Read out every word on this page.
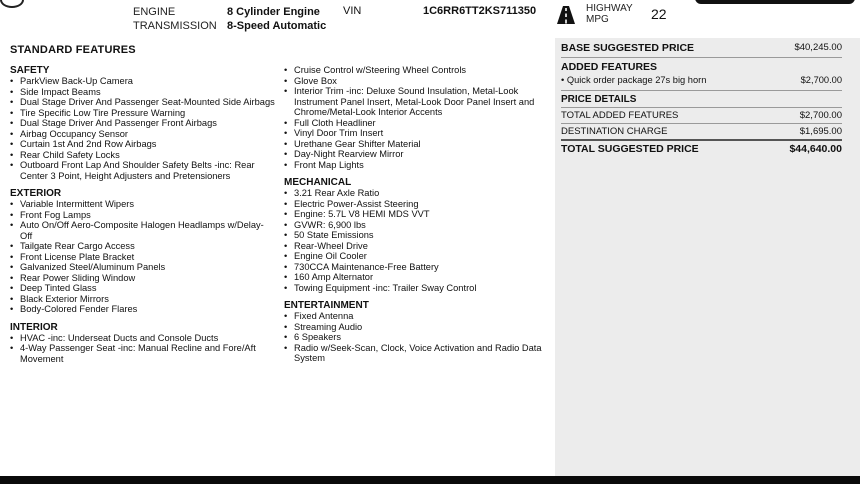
ENGINE	8 Cylinder Engine
TRANSMISSION 8-Speed Automatic
VIN	1C6RR6TT2KS711350	HIGHWAY MPG	22
STANDARD FEATURES
SAFETY
• ParkView Back-Up Camera
• Side Impact Beams
• Dual Stage Driver And Passenger Seat-Mounted Side Airbags
• Tire Specific Low Tire Pressure Warning
• Dual Stage Driver And Passenger Front Airbags
• Airbag Occupancy Sensor
• Curtain 1st And 2nd Row Airbags
• Rear Child Safety Locks
• Outboard Front Lap And Shoulder Safety Belts -inc: Rear Center 3 Point, Height Adjusters and Pretensioners
EXTERIOR
• Variable Intermittent Wipers
• Front Fog Lamps
• Auto On/Off Aero-Composite Halogen Headlamps w/Delay-Off
• Tailgate Rear Cargo Access
• Front License Plate Bracket
• Galvanized Steel/Aluminum Panels
• Rear Power Sliding Window
• Deep Tinted Glass
• Black Exterior Mirrors
• Body-Colored Fender Flares
INTERIOR
• HVAC -inc: Underseat Ducts and Console Ducts
• 4-Way Passenger Seat -inc: Manual Recline and Fore/Aft Movement
• Cruise Control w/Steering Wheel Controls
• Glove Box
• Interior Trim -inc: Deluxe Sound Insulation, Metal-Look Instrument Panel Insert, Metal-Look Door Panel Insert and Chrome/Metal-Look Interior Accents
• Full Cloth Headliner
• Vinyl Door Trim Insert
• Urethane Gear Shifter Material
• Day-Night Rearview Mirror
• Front Map Lights
MECHANICAL
• 3.21 Rear Axle Ratio
• Electric Power-Assist Steering
• Engine: 5.7L V8 HEMI MDS VVT
• GVWR: 6,900 lbs
• 50 State Emissions
• Rear-Wheel Drive
• Engine Oil Cooler
• 730CCA Maintenance-Free Battery
• 160 Amp Alternator
• Towing Equipment -inc: Trailer Sway Control
ENTERTAINMENT
• Fixed Antenna
• Streaming Audio
• 6 Speakers
• Radio w/Seek-Scan, Clock, Voice Activation and Radio Data System
BASE SUGGESTED PRICE	$40,245.00
ADDED FEATURES
• Quick order package 27s big horn	$2,700.00
PRICE DETAILS
TOTAL ADDED FEATURES	$2,700.00
DESTINATION CHARGE	$1,695.00
TOTAL SUGGESTED PRICE	$44,640.00
